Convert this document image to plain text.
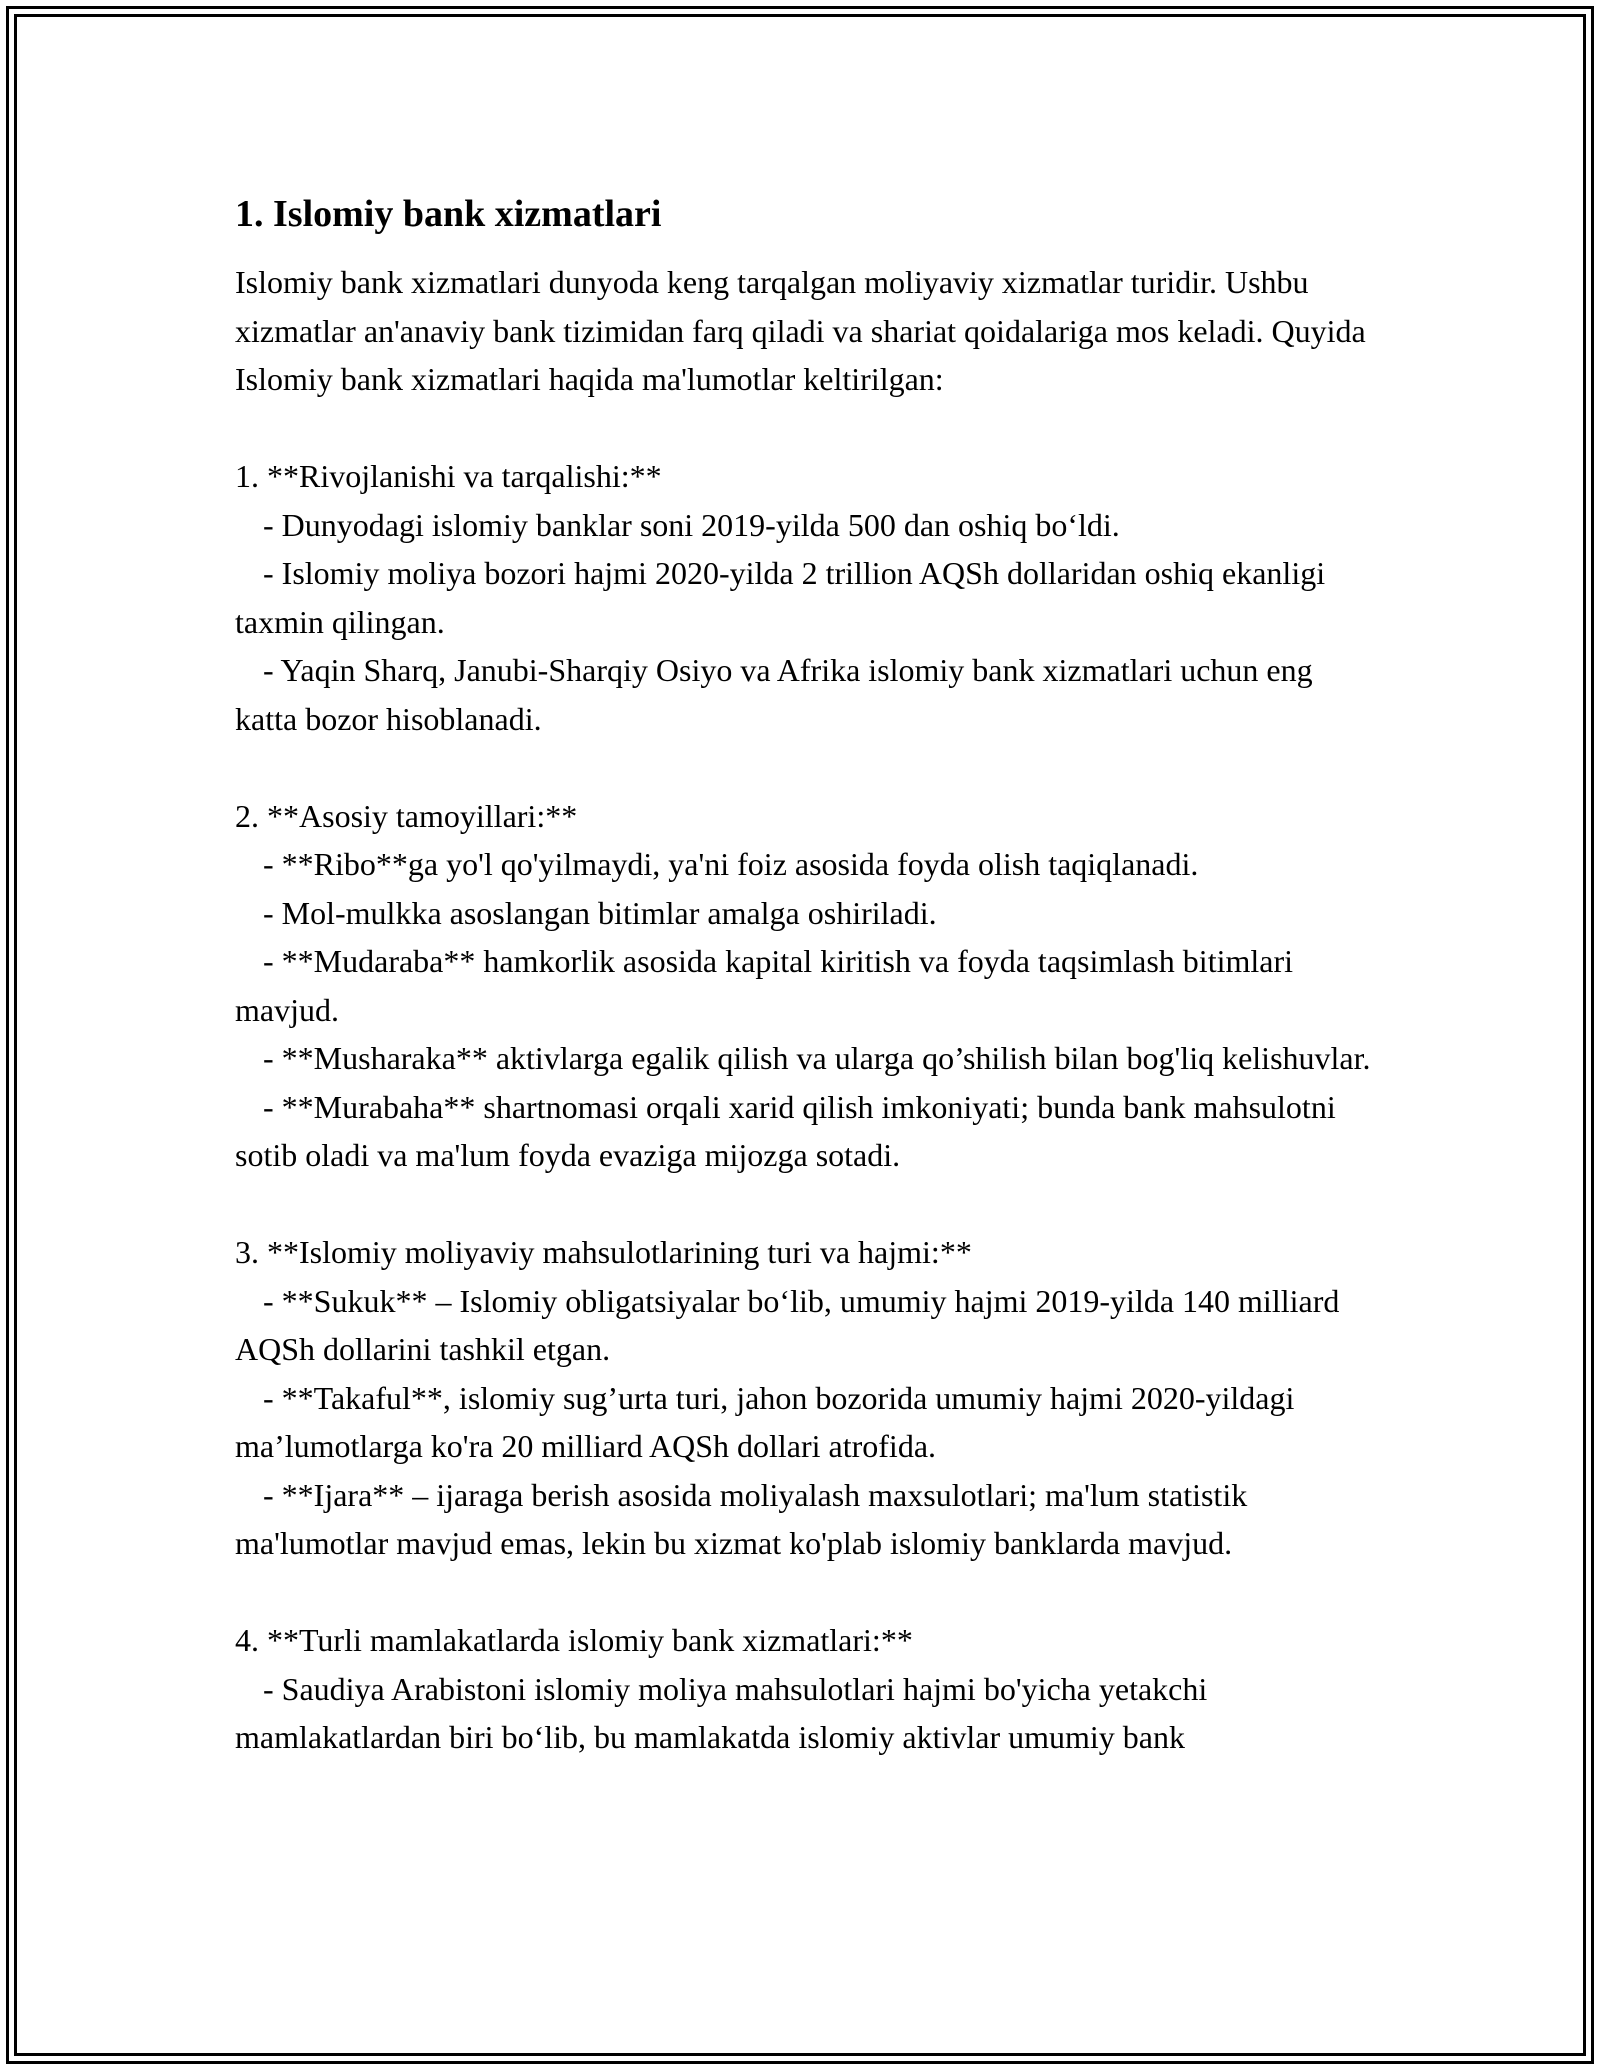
1. Islomiy bank xizmatlari

Islomiy bank xizmatlari dunyoda keng tarqalgan moliyaviy xizmatlar turidir. Ushbu xizmatlar an'anaviy bank tizimidan farq qiladi va shariat qoidalariga mos keladi. Quyida Islomiy bank xizmatlari haqida ma'lumotlar keltirilgan:

1. **Rivojlanishi va tarqalishi:**

- Dunyodagi islomiy banklar soni 2019-yilda 500 dan oshiq bo‘ldi.

- Islomiy moliya bozori hajmi 2020-yilda 2 trillion AQSh dollaridan oshiq ekanligi taxmin qilingan.

- Yaqin Sharq, Janubi-Sharqiy Osiyo va Afrika islomiy bank xizmatlari uchun eng katta bozor hisoblanadi.

2. **Asosiy tamoyillari:**

- **Ribo**ga yo'l qo'yilmaydi, ya'ni foiz asosida foyda olish taqiqlanadi.

- Mol-mulkka asoslangan bitimlar amalga oshiriladi.

- **Mudaraba** hamkorlik asosida kapital kiritish va foyda taqsimlash bitimlari mavjud.

- **Musharaka** aktivlarga egalik qilish va ularga qo’shilish bilan bog'liq kelishuvlar.

- **Murabaha** shartnomasi orqali xarid qilish imkoniyati; bunda bank mahsulotni sotib oladi va ma'lum foyda evaziga mijozga sotadi.

3. **Islomiy moliyaviy mahsulotlarining turi va hajmi:**

- **Sukuk** – Islomiy obligatsiyalar bo‘lib, umumiy hajmi 2019-yilda 140 milliard AQSh dollarini tashkil etgan.

- **Takaful**, islomiy sug’urta turi, jahon bozorida umumiy hajmi 2020-yildagi ma’lumotlarga ko'ra 20 milliard AQSh dollari atrofida.

- **Ijara** – ijaraga berish asosida moliyalash maxsulotlari; ma'lum statistik ma'lumotlar mavjud emas, lekin bu xizmat ko'plab islomiy banklarda mavjud.

4. **Turli mamlakatlarda islomiy bank xizmatlari:**

- Saudiya Arabistoni islomiy moliya mahsulotlari hajmi bo'yicha yetakchi mamlakatlardan biri bo‘lib, bu mamlakatda islomiy aktivlar umumiy bank
